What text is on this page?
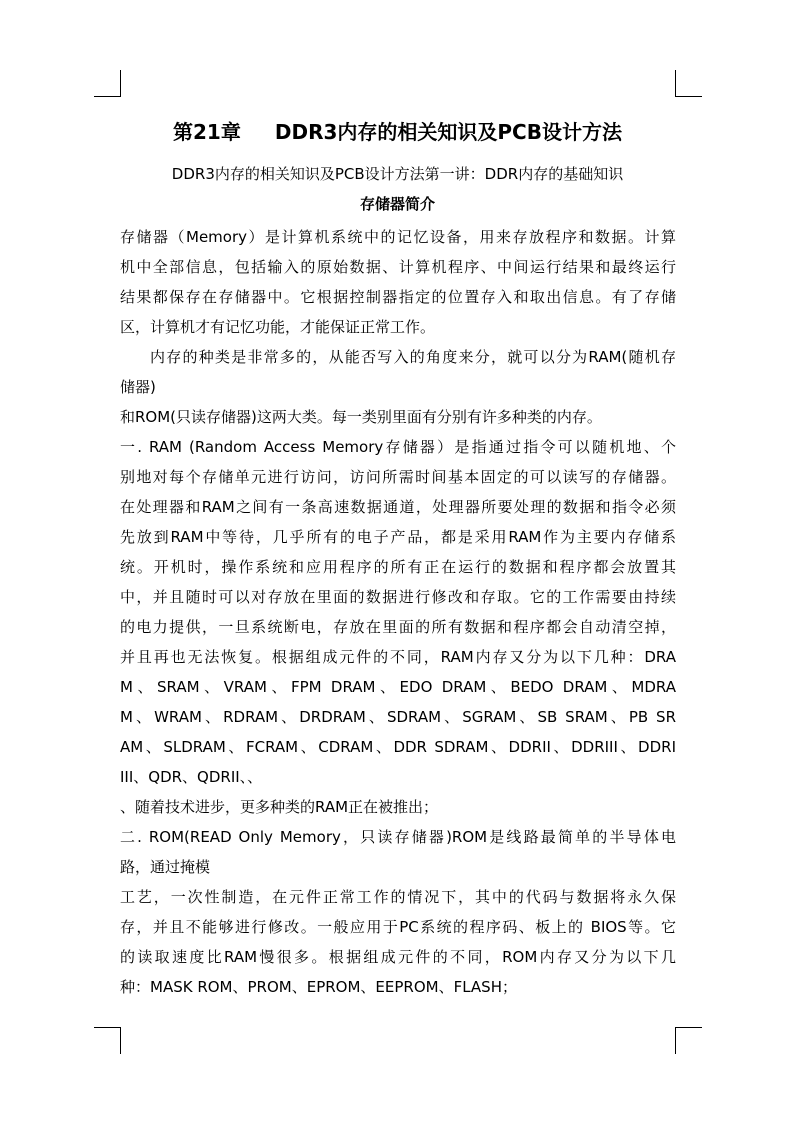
第21章 DDR3内存的相关知识及PCB设计方法
DDR3内存的相关知识及PCB设计方法第一讲：DDR内存的基础知识
存储器简介
存储器（Memory）是计算机系统中的记忆设备，用来存放程序和数据。计算
机中全部信息，包括输入的原始数据、计算机程序、中间运行结果和最终运行
结果都保存在存储器中。它根据控制器指定的位置存入和取出信息。有了存储
区，计算机才有记忆功能，才能保证正常工作。
内存的种类是非常多的，从能否写入的角度来分，就可以分为RAM(随机存
储器)
和ROM(只读存储器)这两大类。每一类别里面有分别有许多种类的内存。
一. RAM (Random Access Memory存储器）是指通过指令可以随机地、个
别地对每个存储单元进行访问，访问所需时间基本固定的可以读写的存储器。
在处理器和RAM之间有一条高速数据通道，处理器所要处理的数据和指令必须
先放到RAM中等待，几乎所有的电子产品，都是采用RAM作为主要内存储系
统。开机时，操作系统和应用程序的所有正在运行的数据和程序都会放置其
中，并且随时可以对存放在里面的数据进行修改和存取。它的工作需要由持续
的电力提供，一旦系统断电，存放在里面的所有数据和程序都会自动清空掉，
并且再也无法恢复。根据组成元件的不同，RAM内存又分为以下几种：DRA
M、SRAM、VRAM、FPM DRAM、EDO DRAM、BEDO DRAM、MDRA
M、WRAM、RDRAM、DRDRAM、SDRAM、SGRAM、SB SRAM、PB SR
AM、SLDRAM、FCRAM、CDRAM、DDR SDRAM、DDRII、DDRIII、DDRI
III、QDR、QDRII、、
、随着技术进步，更多种类的RAM正在被推出；
二. ROM(READ Only Memory，只读存储器)ROM是线路最简单的半导体电
路，通过掩模
工艺，一次性制造，在元件正常工作的情况下，其中的代码与数据将永久保
存，并且不能够进行修改。一般应用于PC系统的程序码、板上的 BIOS等。它
的读取速度比RAM慢很多。根据组成元件的不同，ROM内存又分为以下几
种：MASK ROM、PROM、EPROM、EEPROM、FLASH；
